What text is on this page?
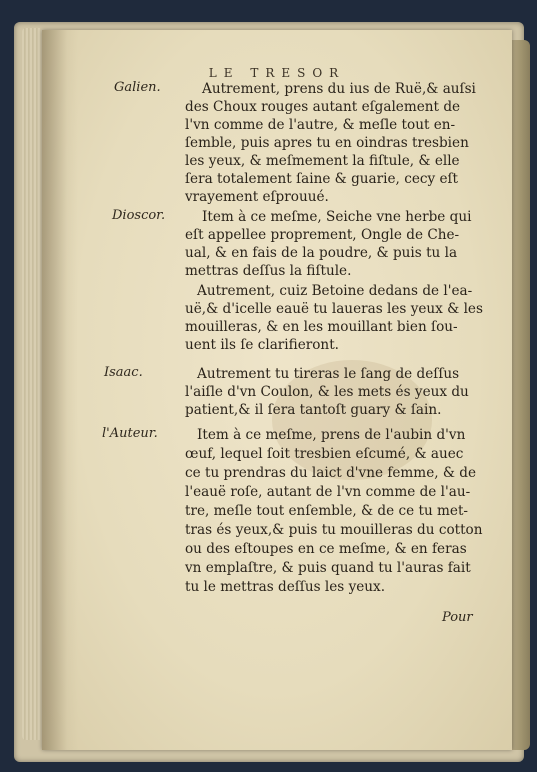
LE TRESOR
Galien.
Dioscor.
Isaac.
l'Auteur.
Autrement, prens du ius de Ruë,& auſsi
des Choux rouges autant eſgalement de
l'vn comme de l'autre, & meſle tout en-
ſemble, puis apres tu en oindras tresbien
les yeux, & meſmement la fiſtule, & elle
ſera totalement ſaine & guarie, cecy eſt
vrayement eſprouué.
Item à ce meſme, Seiche vne herbe qui
eſt appellee proprement, Ongle de Che-
ual, & en fais de la poudre, & puis tu la
mettras deſſus la fiſtule.
Autrement, cuiz Betoine dedans de l'ea-
uë,& d'icelle eauë tu laueras les yeux & les
mouilleras, & en les mouillant bien ſou-
uent ils ſe clarifieront.
Autrement tu tireras le ſang de deſſus
l'aiſle d'vn Coulon, & les mets és yeux du
patient,& il ſera tantoſt guary & ſain.
Item à ce meſme, prens de l'aubin d'vn
œuf, lequel ſoit tresbien eſcumé, & auec
ce tu prendras du laict d'vne femme, & de
l'eauë roſe, autant de l'vn comme de l'au-
tre, meſle tout enſemble, & de ce tu met-
tras és yeux,& puis tu mouilleras du cotton
ou des eſtoupes en ce meſme, & en feras
vn emplaſtre, & puis quand tu l'auras fait
tu le mettras deſſus les yeux.
Pour
